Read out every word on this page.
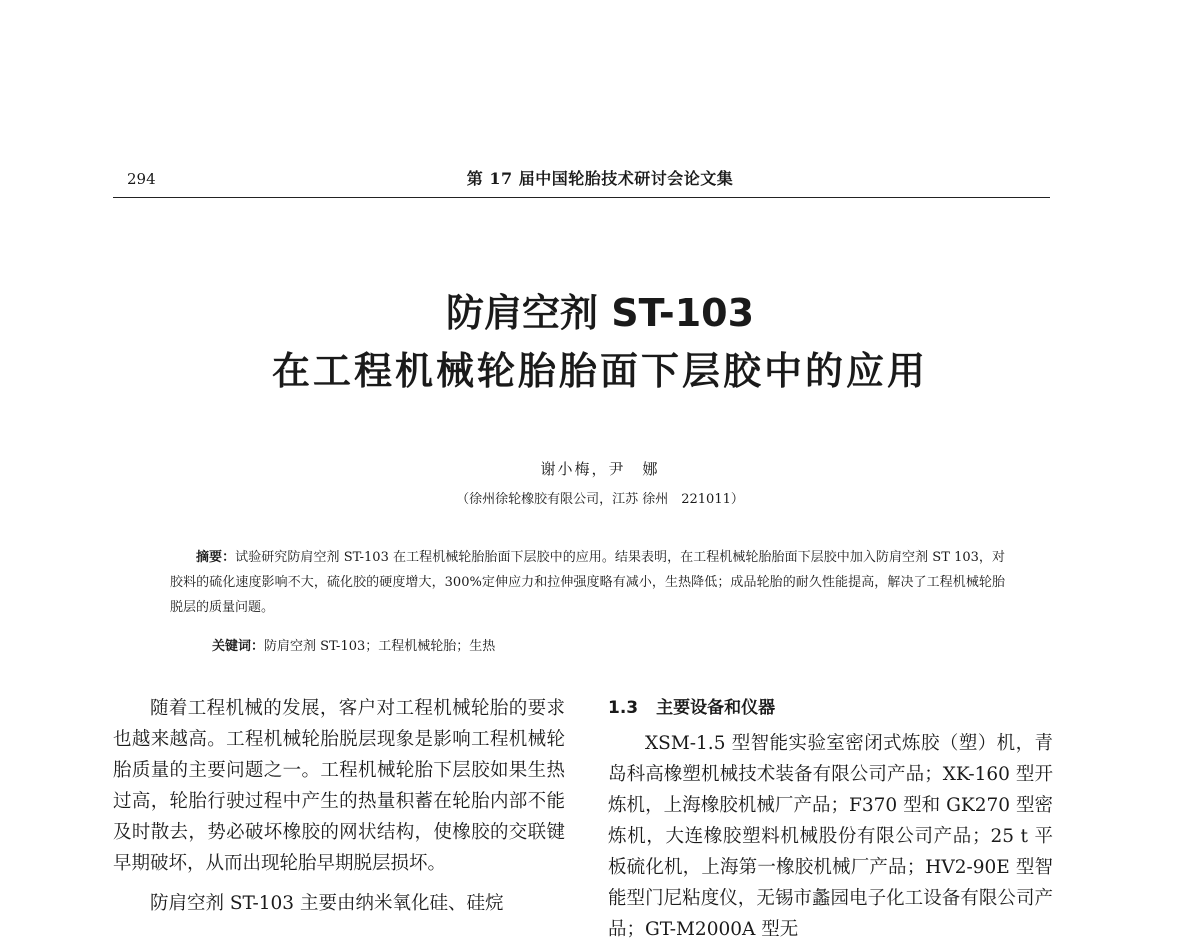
294	第 17 届中国轮胎技术研讨会论文集
防肩空剂 ST-103
在工程机械轮胎胎面下层胶中的应用
谢小梅，尹　娜
（徐州徐轮橡胶有限公司，江苏 徐州　221011）
摘要：试验研究防肩空剂 ST-103 在工程机械轮胎胎面下层胶中的应用。结果表明，在工程机械轮胎胎面下层胶中加入防肩空剂 ST 103，对胶料的硫化速度影响不大，硫化胶的硬度增大，300%定伸应力和拉伸强度略有减小，生热降低；成品轮胎的耐久性能提高，解决了工程机械轮胎脱层的质量问题。
关键词：防肩空剂 ST-103；工程机械轮胎；生热

随着工程机械的发展，客户对工程机械轮胎的要求也越来越高。工程机械轮胎脱层现象是影响工程机械轮胎质量的主要问题之一。工程机械轮胎下层胶如果生热过高，轮胎行驶过程中产生的热量积蓄在轮胎内部不能及时散去，势必破坏橡胶的网状结构，使橡胶的交联键早期破坏，从而出现轮胎早期脱层损坏。

防肩空剂 ST-103 主要由纳米氧化硅、硅烷

1.3 主要设备和仪器

XSM-1.5 型智能实验室密闭式炼胶（塑）机，青岛科高橡塑机械技术装备有限公司产品；XK-160 型开炼机，上海橡胶机械厂产品；F370 型和 GK270 型密炼机，大连橡胶塑料机械股份有限公司产品；25 t 平板硫化机，上海第一橡胶机械厂产品；HV2-90E 型智能型门尼粘度仪，无锡市蠡园电子化工设备有限公司产品；GT-M2000A 型无
